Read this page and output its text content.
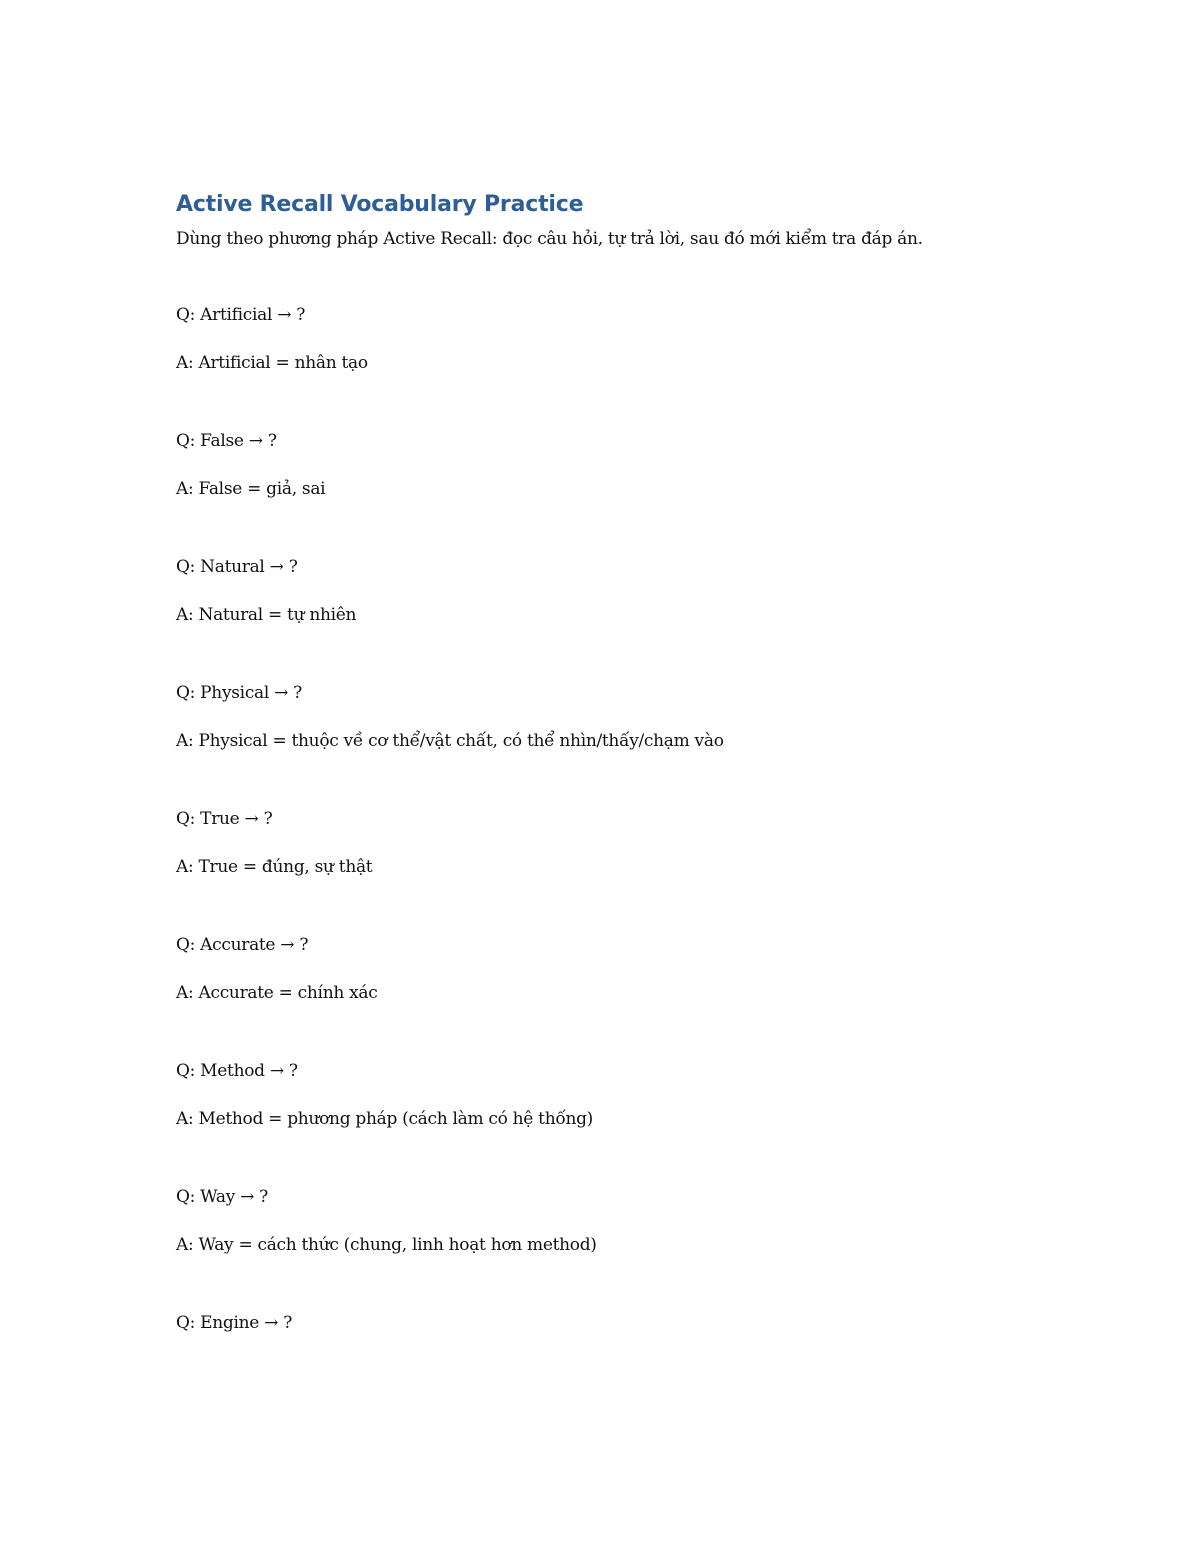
Active Recall Vocabulary Practice

Dùng theo phương pháp Active Recall: đọc câu hỏi, tự trả lời, sau đó mới kiểm tra đáp án.

Q: Artificial → ?

A: Artificial = nhân tạo

Q: False → ?

A: False = giả, sai

Q: Natural → ?

A: Natural = tự nhiên

Q: Physical → ?

A: Physical = thuộc về cơ thể/vật chất, có thể nhìn/thấy/chạm vào

Q: True → ?

A: True = đúng, sự thật

Q: Accurate → ?

A: Accurate = chính xác

Q: Method → ?

A: Method = phương pháp (cách làm có hệ thống)

Q: Way → ?

A: Way = cách thức (chung, linh hoạt hơn method)

Q: Engine → ?
